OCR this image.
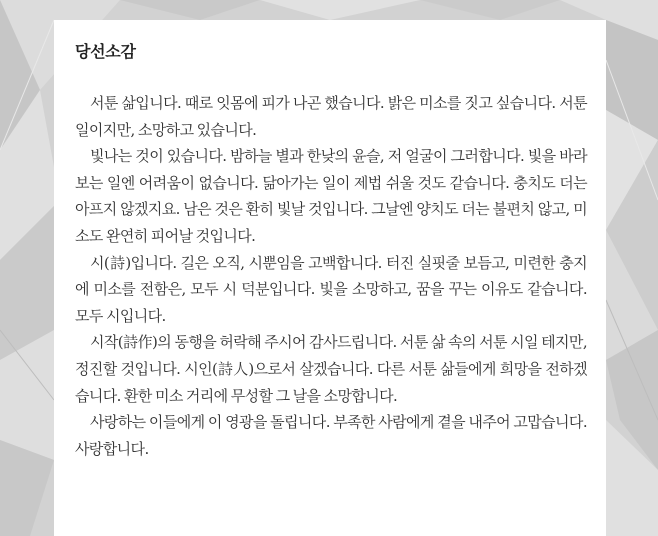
당선소감

서툰 삶입니다. 때로 잇몸에 피가 나곤 했습니다. 밝은 미소를 짓고 싶습니다. 서툰 일이지만, 소망하고 있습니다.

빛나는 것이 있습니다. 밤하늘 별과 한낮의 윤슬, 저 얼굴이 그러합니다. 빛을 바라보는 일엔 어려움이 없습니다. 닮아가는 일이 제법 쉬울 것도 같습니다. 충치도 더는 아프지 않겠지요. 남은 것은 환히 빛날 것입니다. 그날엔 양치도 더는 불편치 않고, 미소도 완연히 피어날 것입니다.

시(詩)입니다. 길은 오직, 시뿐임을 고백합니다. 터진 실핏줄 보듬고, 미련한 충지에 미소를 전함은, 모두 시 덕분입니다. 빛을 소망하고, 꿈을 꾸는 이유도 같습니다. 모두 시입니다.

시작(詩作)의 동행을 허락해 주시어 감사드립니다. 서툰 삶 속의 서툰 시일 테지만, 정진할 것입니다. 시인(詩人)으로서 살겠습니다. 다른 서툰 삶들에게 희망을 전하겠습니다. 환한 미소 거리에 무성할 그 날을 소망합니다.

사랑하는 이들에게 이 영광을 돌립니다. 부족한 사람에게 곁을 내주어 고맙습니다. 사랑합니다.
